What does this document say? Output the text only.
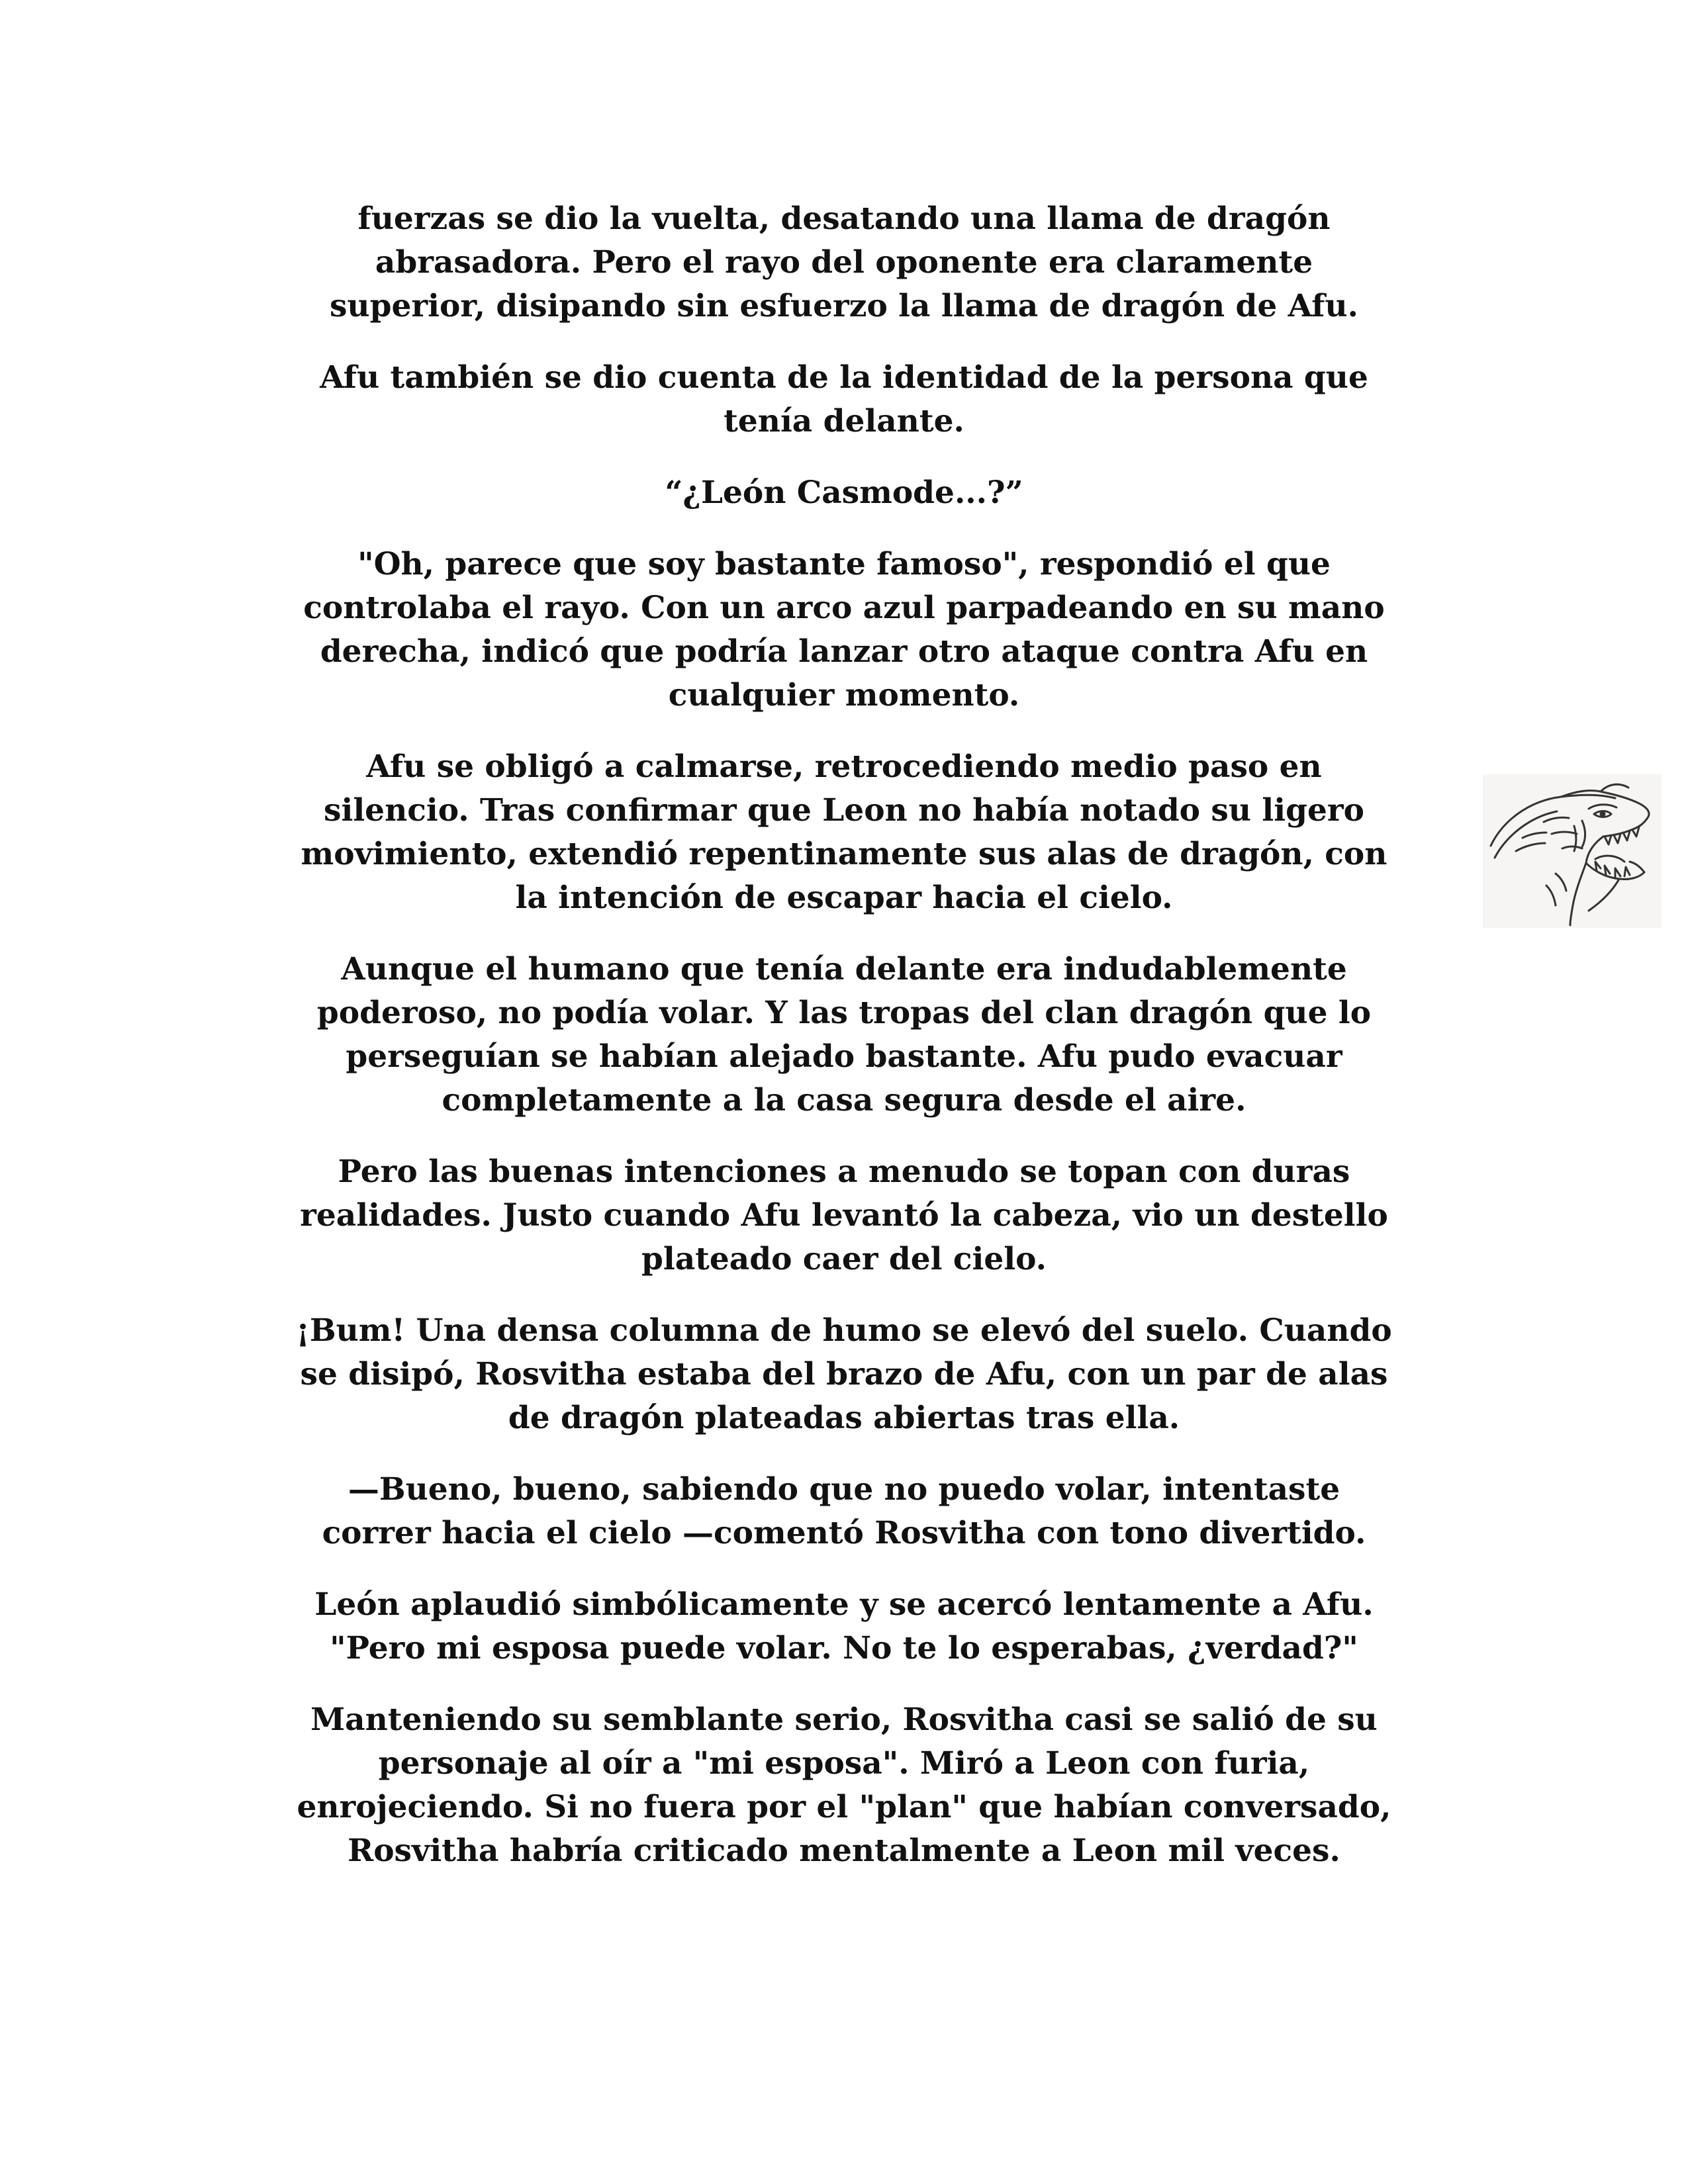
fuerzas se dio la vuelta, desatando una llama de dragón
abrasadora. Pero el rayo del oponente era claramente
superior, disipando sin esfuerzo la llama de dragón de Afu.

Afu también se dio cuenta de la identidad de la persona que
tenía delante.

“¿León Casmode...?”

"Oh, parece que soy bastante famoso", respondió el que
controlaba el rayo. Con un arco azul parpadeando en su mano
derecha, indicó que podría lanzar otro ataque contra Afu en
cualquier momento.

Afu se obligó a calmarse, retrocediendo medio paso en
silencio. Tras confirmar que Leon no había notado su ligero
movimiento, extendió repentinamente sus alas de dragón, con
la intención de escapar hacia el cielo.

Aunque el humano que tenía delante era indudablemente
poderoso, no podía volar. Y las tropas del clan dragón que lo
perseguían se habían alejado bastante. Afu pudo evacuar
completamente a la casa segura desde el aire.

Pero las buenas intenciones a menudo se topan con duras
realidades. Justo cuando Afu levantó la cabeza, vio un destello
plateado caer del cielo.

¡Bum! Una densa columna de humo se elevó del suelo. Cuando
se disipó, Rosvitha estaba del brazo de Afu, con un par de alas
de dragón plateadas abiertas tras ella.

—Bueno, bueno, sabiendo que no puedo volar, intentaste
correr hacia el cielo —comentó Rosvitha con tono divertido.

León aplaudió simbólicamente y se acercó lentamente a Afu.
"Pero mi esposa puede volar. No te lo esperabas, ¿verdad?"

Manteniendo su semblante serio, Rosvitha casi se salió de su
personaje al oír a "mi esposa". Miró a Leon con furia,
enrojeciendo. Si no fuera por el "plan" que habían conversado,
Rosvitha habría criticado mentalmente a Leon mil veces.
